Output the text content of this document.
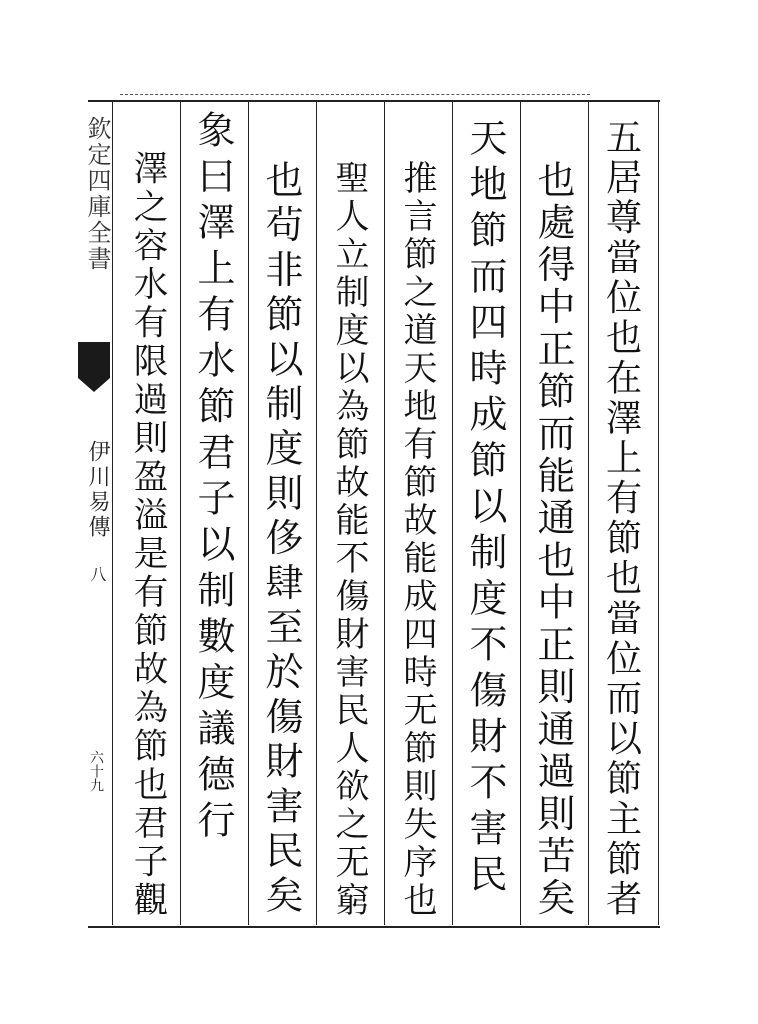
欽定四庫全書
伊川易傳
八
六十九	五居尊當位也在澤上有節也當位而以節主節者
也處得中正節而能通也中正則通過則苦矣
天地節而四時成節以制度不傷財不害民
推言節之道天地有節故能成四時无節則失序也
聖人立制度以為節故能不傷財害民人欲之无窮
也茍非節以制度則侈肆至於傷財害民矣
象曰澤上有水節君子以制數度議德行
澤之容水有限過則盈溢是有節故為節也君子觀
